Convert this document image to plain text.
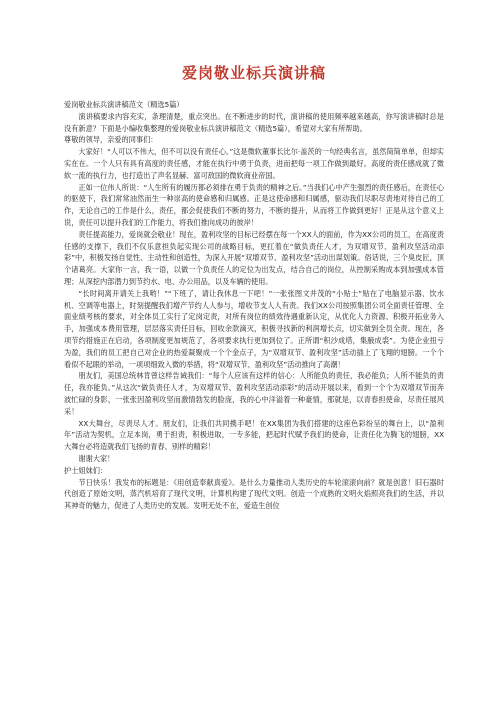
爱岗敬业标兵演讲稿

爱岗敬业标兵演讲稿范文（精选5篇）

演讲稿要求内容充实，条理清楚，重点突出。在不断进步的时代，演讲稿的使用频率越来越高，你写演讲稿时总是没有新意？下面是小编收集整理的爱岗敬业标兵演讲稿范文（精选5篇），希望对大家有所帮助。

尊敬的领导，亲爱的同事们：

大家好！“人可以不伟大，但不可以没有责任心。”这是微软董事长比尔·盖茨的一句经典名言，虽然简简单单，但却实实在在。一个人只有具有高度的责任感，才能在执行中勇于负责，进而把每一项工作做到最好。高度的责任感成就了微软一流的执行力，也打造出了声名显赫、富可敌国的微软商业帝国。

正如一位伟人所说：“人生所有的履历都必须排在勇于负责的精神之后。”当我们心中产生强烈的责任感后，在责任心的驱使下，我们常常油然而生一种崇高的使命感和归属感。正是这使命感和归属感，驱动我们尽职尽责地对待自己的工作，无论自己的工作是什么，责任，都会促使我们不断的努力，不断的提升，从而将工作做到更好！正是从这个意义上说，责任可以提升我们的工作能力，将我们推向成功的彼岸！

责任提高能力，爱岗就会敬业！现在，盈利攻坚的目标已经摆在每一个XX人的面前，作为XX公司的员工，在高度责任感的支撑下，我们不仅乐意担负起实现公司的战略目标，更扛着在“做负责任人才，为双增双节、盈利攻坚活动添彩”中，积极发扬自觉性、主动性和创造性，为深入开展“双增双节、盈利攻坚”活动出谋划策。俗话说，三个臭皮匠，顶个诸葛亮。大家你一言，我一语，以做一个负责任人的定位为出发点，结合自己的岗位，从控制采购成本到加强成本管理；从深挖内部潜力到节约水、电、办公用品，以及车辆的使用。

“长时间离开请关上我哟！”“下班了，请让我休息一下吧！”一张张图文并茂的“小贴士”贴在了电脑显示器、饮水机、空调等电器上，时刻提醒我们增产节约人人参与，增收节支人人有责。我们XX公司按照集团公司全面责任管理、全面业绩考核的要求，对全体员工实行了定岗定责，对所有岗位的绩效待遇重新认定，从优化人力资源、积极开拓业务入手，加强成本费用管理，层层落实责任目标，回收余款滴灭，积极寻找新的利润增长点，切实做到全员全责。现在，各项节约措施正在启动，各项制度更加规范了，各项要求执行更加到位了。正所谓“积沙成塔，集腋成裘”。为使企业扭亏为盈，我们的员工把自己对企业的热爱凝聚成一个个金点子，为“双增双节、盈利攻坚”活动插上了飞翔的翅膀。一个个看似不起眼的举动，一项项细致入微的举措，将“双增双节、盈利攻坚”活动推向了高潮！

朋友们，美国总统林肯曾这样告诫我们：“每个人应该有这样的信心：人所能负的责任，我必能负；人所不能负的责任，我亦能负。”从这次“做负责任人才，为双增双节、盈利攻坚活动添彩”的活动开展以来，看到一个个为双增双节而奔波忙碌的身影，一张张因盈利攻坚而激情勃发的脸庞，我的心中洋溢着一种豪情，那就是，以青春担使命，尽责任展风采！

XX大舞台，尽责尽人才。朋友们，让我们共同携手吧！在XX集团为我们搭建的这座色彩纷呈的舞台上，以“盈利年”活动为契机，立足本岗，勇于担责，积极进取，一专多能，把起时代赋予我们的使命，让责任化为腾飞的翅膀，XX大舞台必将造就我们飞扬的青春、别样的精彩！

谢谢大家！

护士姐妹们：

节日快乐！我发布的标题是：《用创造奉献真爱》。是什么力量推动人类历史的车轮滚滚向前？就是创意！旧石器时代创造了原始文明，蒸汽机培育了现代文明，计算机构建了现代文明。创造一个成熟的文明火焰照亮我们的生活，并以其神奇的魅力，促进了人类历史的发展。发明无处不在，爱造生创位
